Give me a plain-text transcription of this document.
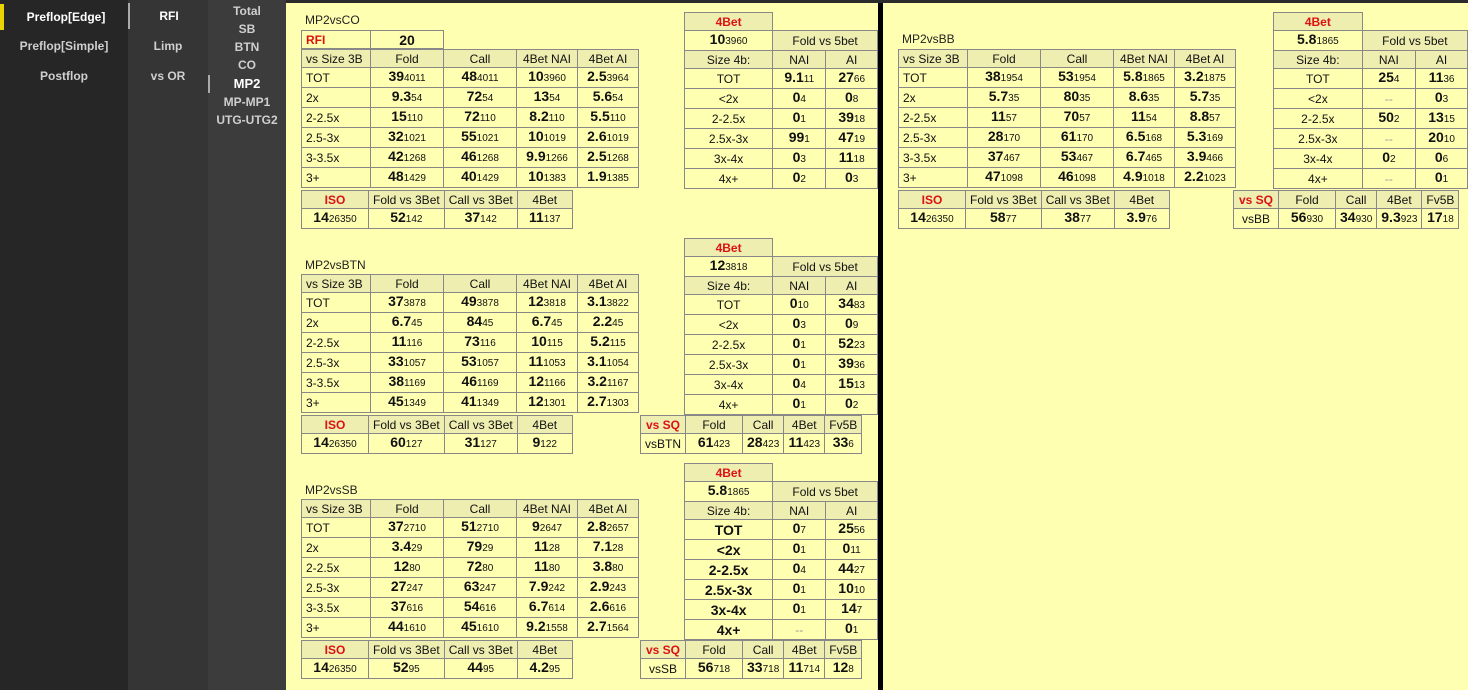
Preflop[Edge]
Preflop[Simple]
Postflop
RFI
Limp
vs OR
Total
SB
BTN
CO
MP2
MP-MP1
UTG-UTG2
MP2vsCO
RFI	20
vs Size 3B	Fold	Call	4Bet NAI	4Bet AI
TOT	394011	484011	103960	2.53964
2x	9.354	7254	1354	5.654
2-2.5x	15110	72110	8.2110	5.5110
2.5-3x	321021	551021	101019	2.61019
3-3.5x	421268	461268	9.91266	2.51268
3+	481429	401429	101383	1.91385
4Bet		
103960	Fold vs 5bet	
Size 4b:	NAI	AI
TOT	9.111	2766
<2x	04	08
2-2.5x	01	3918
2.5x-3x	991	4719
3x-4x	03	1118
4x+	02	03
ISO	Fold vs 3Bet	Call vs 3Bet	4Bet
1426350	52142	37142	11137
MP2vsBTN
vs Size 3B	Fold	Call	4Bet NAI	4Bet AI
TOT	373878	493878	123818	3.13822
2x	6.745	8445	6.745	2.245
2-2.5x	11116	73116	10115	5.2115
2.5-3x	331057	531057	111053	3.11054
3-3.5x	381169	461169	121166	3.21167
3+	451349	411349	121301	2.71303
4Bet		
123818	Fold vs 5bet	
Size 4b:	NAI	AI
TOT	010	3483
<2x	03	09
2-2.5x	01	5223
2.5x-3x	01	3936
3x-4x	04	1513
4x+	01	02
ISO	Fold vs 3Bet	Call vs 3Bet	4Bet
1426350	60127	31127	9122
vs SQ	Fold	Call	4Bet	Fv5B
vsBTN	61423	28423	11423	336
MP2vsSB
vs Size 3B	Fold	Call	4Bet NAI	4Bet AI
TOT	372710	512710	92647	2.82657
2x	3.429	7929	1128	7.128
2-2.5x	1280	7280	1180	3.880
2.5-3x	27247	63247	7.9242	2.9243
3-3.5x	37616	54616	6.7614	2.6616
3+	441610	451610	9.21558	2.71564
4Bet		
5.81865	Fold vs 5bet	
Size 4b:	NAI	AI
TOT	07	2556
<2x	01	011
2-2.5x	04	4427
2.5x-3x	01	1010
3x-4x	01	147
4x+	--	01
ISO	Fold vs 3Bet	Call vs 3Bet	4Bet
1426350	5295	4495	4.295
vs SQ	Fold	Call	4Bet	Fv5B
vsSB	56718	33718	11714	128
vs Size 3B	Fold	Call	4Bet NAI	4Bet AI
TOT	381954	531954	5.81865	3.21875
2x	5.735	8035	8.635	5.735
2-2.5x	1157	7057	1154	8.857
2.5-3x	28170	61170	6.5168	5.3169
3-3.5x	37467	53467	6.7465	3.9466
3+	471098	461098	4.91018	2.21023
MP2vsBB
4Bet		
5.81865	Fold vs 5bet	
Size 4b:	NAI	AI
TOT	254	1136
<2x	--	03
2-2.5x	502	1315
2.5x-3x	--	2010
3x-4x	02	06
4x+	--	01
ISO	Fold vs 3Bet	Call vs 3Bet	4Bet
1426350	5877	3877	3.976
vs SQ	Fold	Call	4Bet	Fv5B
vsBB	56930	34930	9.3923	1718
